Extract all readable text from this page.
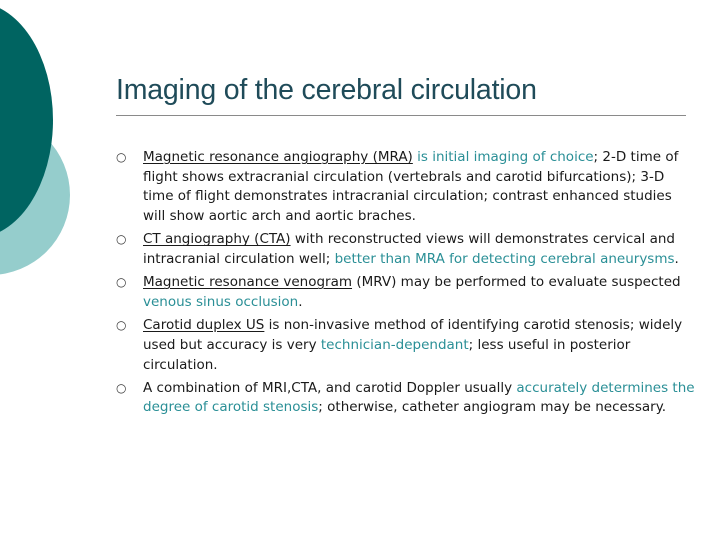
Imaging of the cerebral circulation
○ Magnetic resonance angiography (MRA) is initial imaging of choice; 2-D time of flight shows extracranial circulation (vertebrals and carotid bifurcations); 3-D time of flight demonstrates intracranial circulation; contrast enhanced studies will show aortic arch and aortic braches.
○ CT angiography (CTA) with reconstructed views will demonstrates cervical and intracranial circulation well; better than MRA for detecting cerebral aneurysms.
○ Magnetic resonance venogram (MRV) may be performed to evaluate suspected venous sinus occlusion.
○ Carotid duplex US is non-invasive method of identifying carotid stenosis; widely used but accuracy is very technician-dependant; less useful in posterior circulation.
○ A combination of MRI,CTA, and carotid Doppler usually accurately determines the degree of carotid stenosis; otherwise, catheter angiogram may be necessary.
